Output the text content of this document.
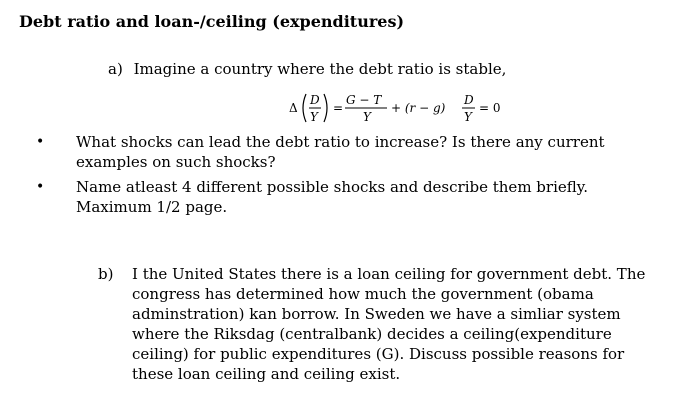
Debt ratio and loan-/ceiling (expenditures)
a) Imagine a country where the debt ratio is stable,
Δ
D
Y
=
G − T
Y
+ (r − g)
D
Y
= 0
• What shocks can lead the debt ratio to increase? Is there any current examples on such shocks?
• Name atleast 4 different possible shocks and describe them briefly. Maximum 1/2 page.
b) I the United States there is a loan ceiling for government debt. The congress has determined how much the government (obama adminstration) kan borrow. In Sweden we have a simliar system where the Riksdag (centralbank) decides a ceiling(expenditure ceiling) for public expenditures (G). Discuss possible reasons for these loan ceiling and ceiling exist.
